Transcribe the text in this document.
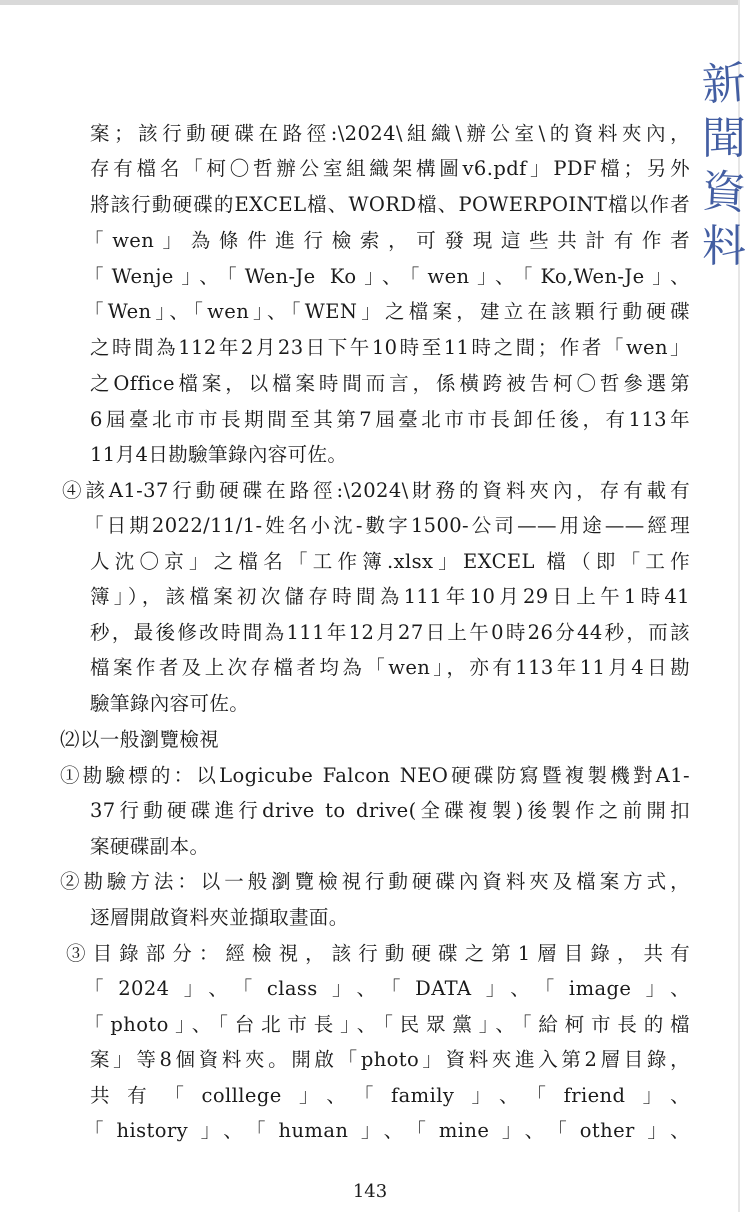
新
聞
資
料
案；該行動硬碟在路徑:\2024\組織\辦公室\的資料夾內，
存有檔名「柯〇哲辦公室組織架構圖v6.pdf」PDF檔；另外
將該行動硬碟的EXCEL檔、WORD檔、POWERPOINT檔以作者
「wen」為條件進行檢索，可發現這些共計有作者
「Wenje」、「Wen-Je Ko」、「wen」、「Ko,Wen-Je」、
「Wen」、「wen」、「WEN」之檔案，建立在該顆行動硬碟
之時間為112年2月23日下午10時至11時之間；作者「wen」
之Office檔案，以檔案時間而言，係橫跨被告柯〇哲參選第
6屆臺北市市長期間至其第7屆臺北市市長卸任後，有113年
11月4日勘驗筆錄內容可佐。
④該A1-37行動硬碟在路徑:\2024\財務的資料夾內，存有載有
「日期2022/11/1-姓名小沈-數字1500-公司——用途——經理
人沈〇京」之檔名「工作簿.xlsx」EXCEL 檔（即「工作
簿」），該檔案初次儲存時間為111年10月29日上午1時41
秒，最後修改時間為111年12月27日上午0時26分44秒，而該
檔案作者及上次存檔者均為「wen」，亦有113年11月4日勘
驗筆錄內容可佐。
⑵以一般瀏覽檢視
①勘驗標的：以Logicube Falcon NEO硬碟防寫暨複製機對A1-
37行動硬碟進行drive to drive(全碟複製)後製作之前開扣
案硬碟副本。
②勘驗方法：以一般瀏覽檢視行動硬碟內資料夾及檔案方式，
逐層開啟資料夾並擷取畫面。
③目錄部分：經檢視，該行動硬碟之第1層目錄，共有
「2024」、「class」、「DATA」、「image」、
「photo」、「台北市長」、「民眾黨」、「給柯市長的檔
案」等8個資料夾。開啟「photo」資料夾進入第2層目錄，
共有「colllege」、「family」、「friend」、
「history」、「human」、「mine」、「other」、
143
